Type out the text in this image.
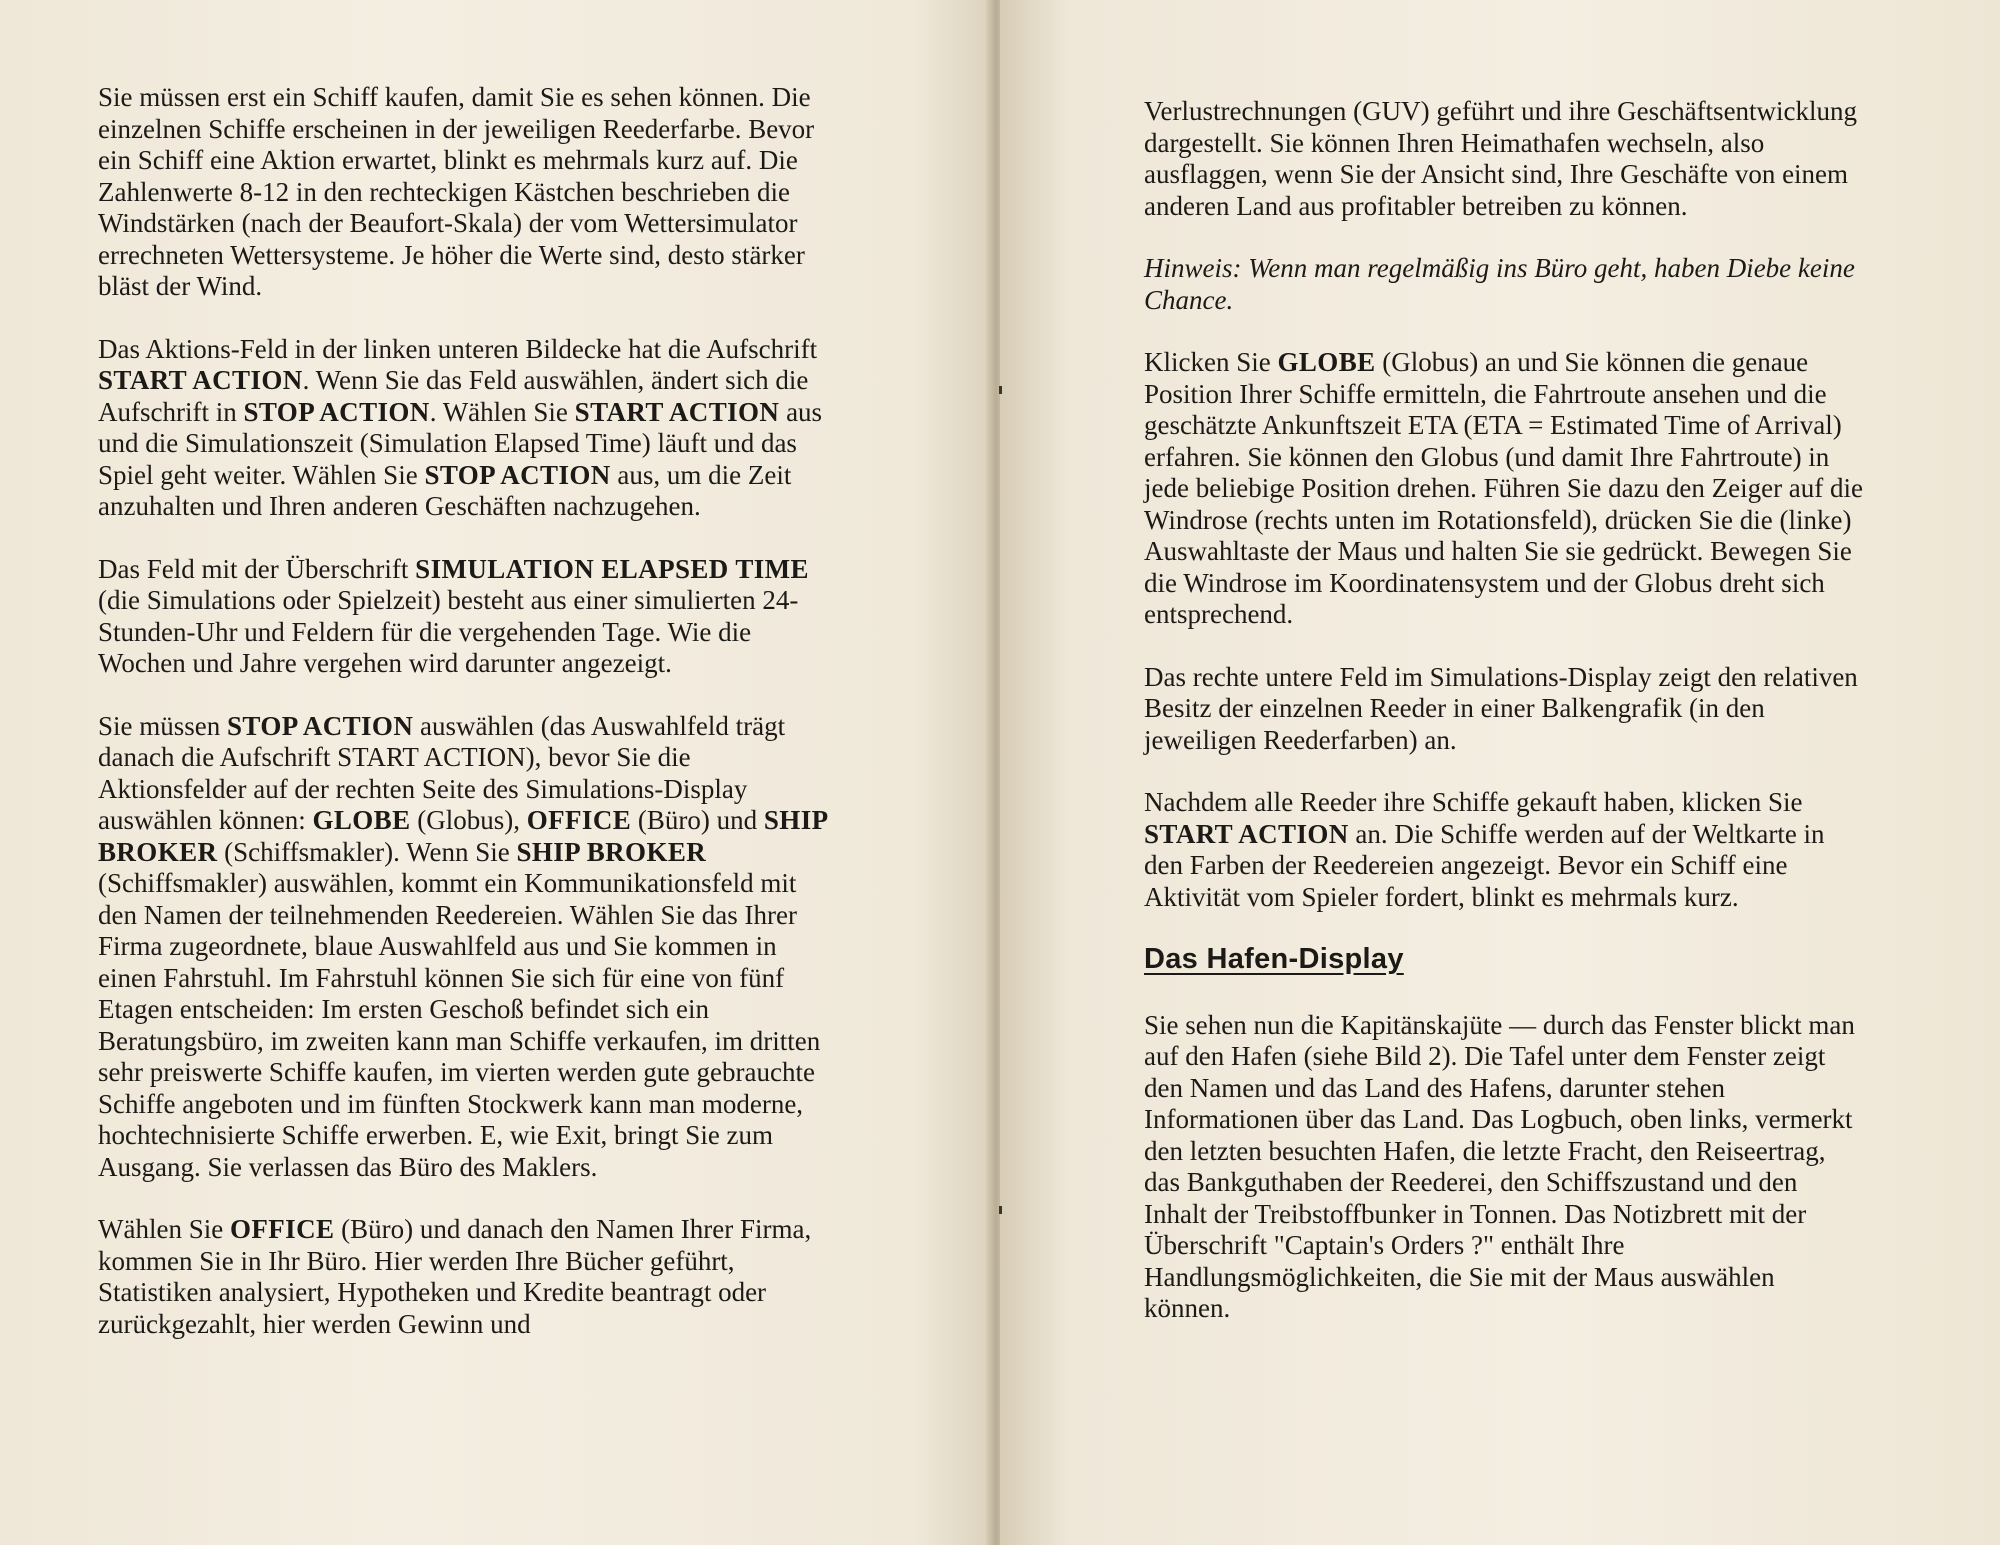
Sie müssen erst ein Schiff kaufen, damit Sie es sehen können. Die einzelnen Schiffe erscheinen in der jeweiligen Reederfarbe. Bevor ein Schiff eine Aktion erwartet, blinkt es mehrmals kurz auf. Die Zahlenwerte 8-12 in den rechteckigen Kästchen beschrieben die Windstärken (nach der Beaufort-Skala) der vom Wettersimulator errechneten Wettersysteme. Je höher die Werte sind, desto stärker bläst der Wind.

Das Aktions-Feld in der linken unteren Bildecke hat die Aufschrift START ACTION. Wenn Sie das Feld auswählen, ändert sich die Aufschrift in STOP ACTION. Wählen Sie START ACTION aus und die Simulationszeit (Simulation Elapsed Time) läuft und das Spiel geht weiter. Wählen Sie STOP ACTION aus, um die Zeit anzuhalten und Ihren anderen Geschäften nachzugehen.

Das Feld mit der Überschrift SIMULATION ELAPSED TIME (die Simulations oder Spielzeit) besteht aus einer simulierten 24-Stunden-Uhr und Feldern für die vergehenden Tage. Wie die Wochen und Jahre vergehen wird darunter angezeigt.

Sie müssen STOP ACTION auswählen (das Auswahlfeld trägt danach die Aufschrift START ACTION), bevor Sie die Aktionsfelder auf der rechten Seite des Simulations-Display auswählen können: GLOBE (Globus), OFFICE (Büro) und SHIP BROKER (Schiffsmakler). Wenn Sie SHIP BROKER (Schiffsmakler) auswählen, kommt ein Kommunikationsfeld mit den Namen der teilnehmenden Reedereien. Wählen Sie das Ihrer Firma zugeordnete, blaue Auswahlfeld aus und Sie kommen in einen Fahrstuhl. Im Fahrstuhl können Sie sich für eine von fünf Etagen entscheiden: Im ersten Geschoß befindet sich ein Beratungsbüro, im zweiten kann man Schiffe verkaufen, im dritten sehr preiswerte Schiffe kaufen, im vierten werden gute gebrauchte Schiffe angeboten und im fünften Stockwerk kann man moderne, hochtechnisierte Schiffe erwerben. E, wie Exit, bringt Sie zum Ausgang. Sie verlassen das Büro des Maklers.

Wählen Sie OFFICE (Büro) und danach den Namen Ihrer Firma, kommen Sie in Ihr Büro. Hier werden Ihre Bücher geführt, Statistiken analysiert, Hypotheken und Kredite beantragt oder zurückgezahlt, hier werden Gewinn und

Verlustrechnungen (GUV) geführt und ihre Geschäftsentwicklung dargestellt. Sie können Ihren Heimathafen wechseln, also ausflaggen, wenn Sie der Ansicht sind, Ihre Geschäfte von einem anderen Land aus profitabler betreiben zu können.

Hinweis: Wenn man regelmäßig ins Büro geht, haben Diebe keine Chance.

Klicken Sie GLOBE (Globus) an und Sie können die genaue Position Ihrer Schiffe ermitteln, die Fahrtroute ansehen und die geschätzte Ankunftszeit ETA (ETA = Estimated Time of Arrival) erfahren. Sie können den Globus (und damit Ihre Fahrtroute) in jede beliebige Position drehen. Führen Sie dazu den Zeiger auf die Windrose (rechts unten im Rotationsfeld), drücken Sie die (linke) Auswahltaste der Maus und halten Sie sie gedrückt. Bewegen Sie die Windrose im Koordinatensystem und der Globus dreht sich entsprechend.

Das rechte untere Feld im Simulations-Display zeigt den relativen Besitz der einzelnen Reeder in einer Balkengrafik (in den jeweiligen Reederfarben) an.

Nachdem alle Reeder ihre Schiffe gekauft haben, klicken Sie START ACTION an. Die Schiffe werden auf der Weltkarte in den Farben der Reedereien angezeigt. Bevor ein Schiff eine Aktivität vom Spieler fordert, blinkt es mehrmals kurz.

Das Hafen-Display

Sie sehen nun die Kapitänskajüte — durch das Fenster blickt man auf den Hafen (siehe Bild 2). Die Tafel unter dem Fenster zeigt den Namen und das Land des Hafens, darunter stehen Informationen über das Land. Das Logbuch, oben links, vermerkt den letzten besuchten Hafen, die letzte Fracht, den Reiseertrag, das Bankguthaben der Reederei, den Schiffszustand und den Inhalt der Treibstoffbunker in Tonnen. Das Notizbrett mit der Überschrift "Captain's Orders ?" enthält Ihre Handlungsmöglichkeiten, die Sie mit der Maus auswählen können.
